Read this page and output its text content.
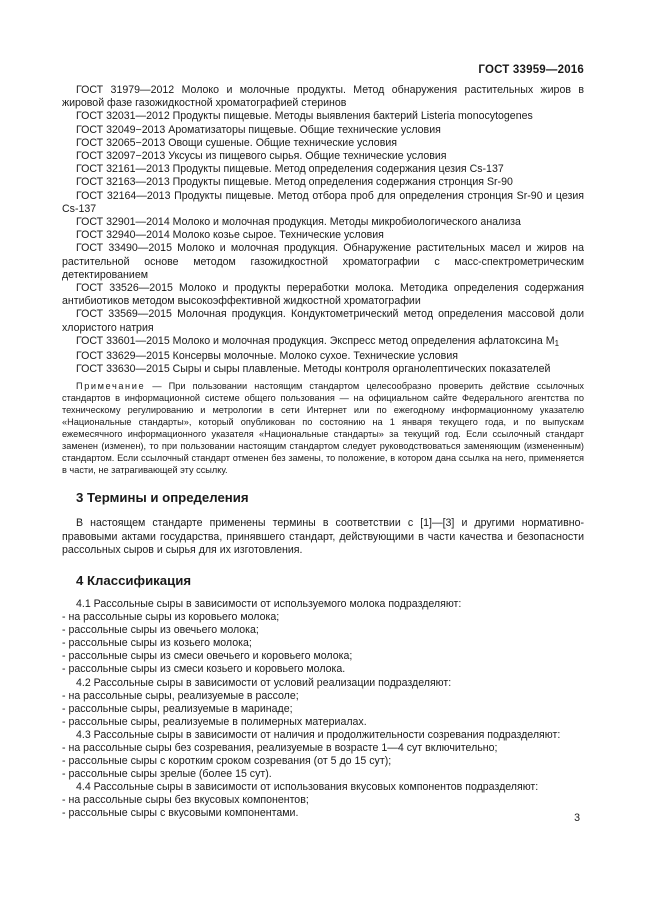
ГОСТ 33959—2016
ГОСТ 31979—2012 Молоко и молочные продукты. Метод обнаружения растительных жиров в жировой фазе газожидкостной хроматографией стеринов
ГОСТ 32031—2012 Продукты пищевые. Методы выявления бактерий Listeria monocytogenes
ГОСТ 32049−2013 Ароматизаторы пищевые. Общие технические условия
ГОСТ 32065−2013 Овощи сушеные. Общие технические условия
ГОСТ 32097−2013 Уксусы из пищевого сырья. Общие технические условия
ГОСТ 32161—2013 Продукты пищевые. Метод определения содержания цезия Cs-137
ГОСТ 32163—2013 Продукты пищевые. Метод определения содержания стронция Sr-90
ГОСТ 32164—2013 Продукты пищевые. Метод отбора проб для определения стронция Sr-90 и цезия Cs-137
ГОСТ 32901—2014 Молоко и молочная продукция. Методы микробиологического анализа
ГОСТ 32940—2014 Молоко козье сырое. Технические условия
ГОСТ 33490—2015 Молоко и молочная продукция. Обнаружение растительных масел и жиров на растительной основе методом газожидкостной хроматографии с масс-спектрометрическим детектированием
ГОСТ 33526—2015 Молоко и продукты переработки молока. Методика определения содержания антибиотиков методом высокоэффективной жидкостной хроматографии
ГОСТ 33569—2015 Молочная продукция. Кондуктометрический метод определения массовой доли хлористого натрия
ГОСТ 33601—2015 Молоко и молочная продукция. Экспресс метод определения афлатоксина $M_1$
ГОСТ 33629—2015 Консервы молочные. Молоко сухое. Технические условия
ГОСТ 33630—2015 Сыры и сыры плавленые. Методы контроля органолептических показателей

Примечание — При пользовании настоящим стандартом целесообразно проверить действие ссылочных стандартов в информационной системе общего пользования — на официальном сайте Федерального агентства по техническому регулированию и метрологии в сети Интернет или по ежегодному информационному указателю «Национальные стандарты», который опубликован по состоянию на 1 января текущего года, и по выпускам ежемесячного информационного указателя «Национальные стандарты» за текущий год. Если ссылочный стандарт заменен (изменен), то при пользовании настоящим стандартом следует руководствоваться заменяющим (измененным) стандартом. Если ссылочный стандарт отменен без замены, то положение, в котором дана ссылка на него, применяется в части, не затрагивающей эту ссылку.

3 Термины и определения

В настоящем стандарте применены термины в соответствии с [1]—[3] и другими нормативно-правовыми актами государства, принявшего стандарт, действующими в части качества и безопасности рассольных сыров и сырья для их изготовления.

4 Классификация
4.1 Рассольные сыры в зависимости от используемого молока подразделяют:
- на рассольные сыры из коровьего молока;
- рассольные сыры из овечьего молока;
- рассольные сыры из козьего молока;
- рассольные сыры из смеси овечьего и коровьего молока;
- рассольные сыры из смеси козьего и коровьего молока.
4.2 Рассольные сыры в зависимости от условий реализации подразделяют:
- на рассольные сыры, реализуемые в рассоле;
- рассольные сыры, реализуемые в маринаде;
- рассольные сыры, реализуемые в полимерных материалах.
4.3 Рассольные сыры в зависимости от наличия и продолжительности созревания подразделяют:
- на рассольные сыры без созревания, реализуемые в возрасте 1—4 сут включительно;
- рассольные сыры с коротким сроком созревания (от 5 до 15 сут);
- рассольные сыры зрелые (более 15 сут).
4.4 Рассольные сыры в зависимости от использования вкусовых компонентов подразделяют:
- на рассольные сыры без вкусовых компонентов;
- рассольные сыры с вкусовыми компонентами.	3
